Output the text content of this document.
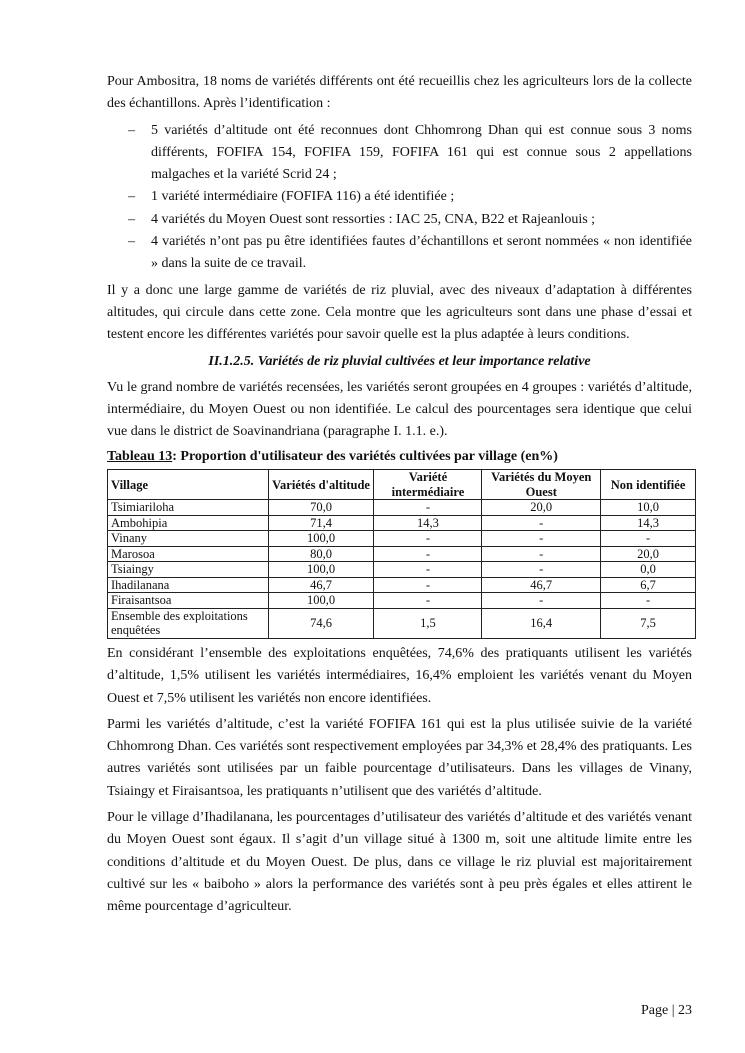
Pour Ambositra, 18 noms de variétés différents ont été recueillis chez les agriculteurs lors de la collecte des échantillons. Après l’identification :

– 5 variétés d’altitude ont été reconnues dont Chhomrong Dhan qui est connue sous 3 noms différents, FOFIFA 154, FOFIFA 159, FOFIFA 161 qui est connue sous 2 appellations malgaches et la variété Scrid 24 ;
– 1 variété intermédiaire (FOFIFA 116) a été identifiée ;
– 4 variétés du Moyen Ouest sont ressorties : IAC 25, CNA, B22 et Rajeanlouis ;
– 4 variétés n’ont pas pu être identifiées fautes d’échantillons et seront nommées « non identifiée » dans la suite de ce travail.

Il y a donc une large gamme de variétés de riz pluvial, avec des niveaux d’adaptation à différentes altitudes, qui circule dans cette zone. Cela montre que les agriculteurs sont dans une phase d’essai et testent encore les différentes variétés pour savoir quelle est la plus adaptée à leurs conditions.

II.1.2.5. Variétés de riz pluvial cultivées et leur importance relative

Vu le grand nombre de variétés recensées, les variétés seront groupées en 4 groupes : variétés d’altitude, intermédiaire, du Moyen Ouest ou non identifiée. Le calcul des pourcentages sera identique que celui vue dans le district de Soavinandriana (paragraphe I. 1.1. e.).

Tableau 13: Proportion d'utilisateur des variétés cultivées par village (en%)
Village	Variétés d'altitude	Variété intermédiaire	Variétés du Moyen Ouest	Non identifiée
Tsimiariloha	70,0	-	20,0	10,0
Ambohipia	71,4	14,3	-	14,3
Vinany	100,0	-	-	-
Marosoa	80,0	-	-	20,0
Tsiaingy	100,0	-	-	0,0
Ihadilanana	46,7	-	46,7	6,7
Firaisantsoa	100,0	-	-	-
Ensemble des exploitations enquêtées	74,6	1,5	16,4	7,5

En considérant l’ensemble des exploitations enquêtées, 74,6% des pratiquants utilisent les variétés d’altitude, 1,5% utilisent les variétés intermédiaires, 16,4% emploient les variétés venant du Moyen Ouest et 7,5% utilisent les variétés non encore identifiées.

Parmi les variétés d’altitude, c’est la variété FOFIFA 161 qui est la plus utilisée suivie de la variété Chhomrong Dhan. Ces variétés sont respectivement employées par 34,3% et 28,4% des pratiquants. Les autres variétés sont utilisées par un faible pourcentage d’utilisateurs. Dans les villages de Vinany, Tsiaingy et Firaisantsoa, les pratiquants n’utilisent que des variétés d’altitude.

Pour le village d’Ihadilanana, les pourcentages d’utilisateur des variétés d’altitude et des variétés venant du Moyen Ouest sont égaux. Il s’agit d’un village situé à 1300 m, soit une altitude limite entre les conditions d’altitude et du Moyen Ouest. De plus, dans ce village le riz pluvial est majoritairement cultivé sur les « baiboho » alors la performance des variétés sont à peu près égales et elles attirent le même pourcentage d’agriculteur.

Page | 23
